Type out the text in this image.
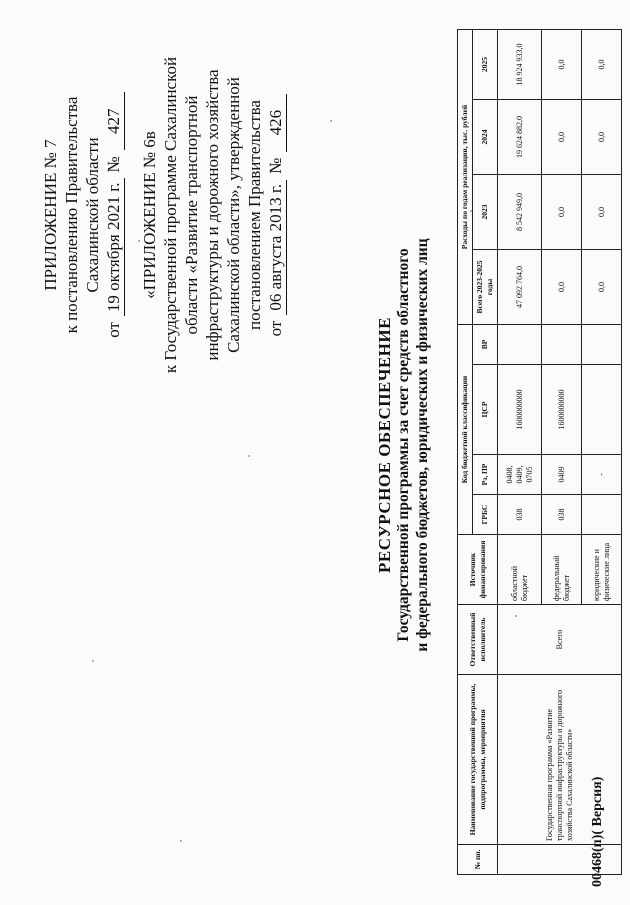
ПРИЛОЖЕНИЕ № 7 к постановлению Правительства Сахалинской области
от
19 октября 2021 г.
№
427
«ПРИЛОЖЕНИЕ № 6в к Государственной программе Сахалинской области «Развитие транспортной инфраструктуры и дорожного хозяйства Сахалинской области», утвержденной постановлением Правительства от
06 августа 2013 г.
№
426
РЕСУРСНОЕ ОБЕСПЕЧЕНИЕ Государственной программы за счет средств областного и федерального бюджетов, юридических и физических лиц
№ пп.	Наименование государственной программы, подпрограммы, мероприятия	Ответственный исполнитель	Источник финансирования	Код бюджетной классификации				Расходы по годам реализации, тыс. рублей			
				ГРБС	Рз, ПР	ЦСР	ВР	Всего 2023-2025 годы	2023	2024	2025
	Государственная программа «Развитие транспортной инфраструктуры и дорожного хозяйства Сахалинской области»	Всего	областной бюджет	038	0408, 0409, 0705	1600000000		47 092 764,0	8 542 949,0	19 624 882,0	18 924 933,0
			федеральный бюджет	038	0409	1600000000		0,0	0,0	0,0	0,0
			юридические и физические лица		-			0,0	0,0	0,0	0,0
00468(п)( Версия)
